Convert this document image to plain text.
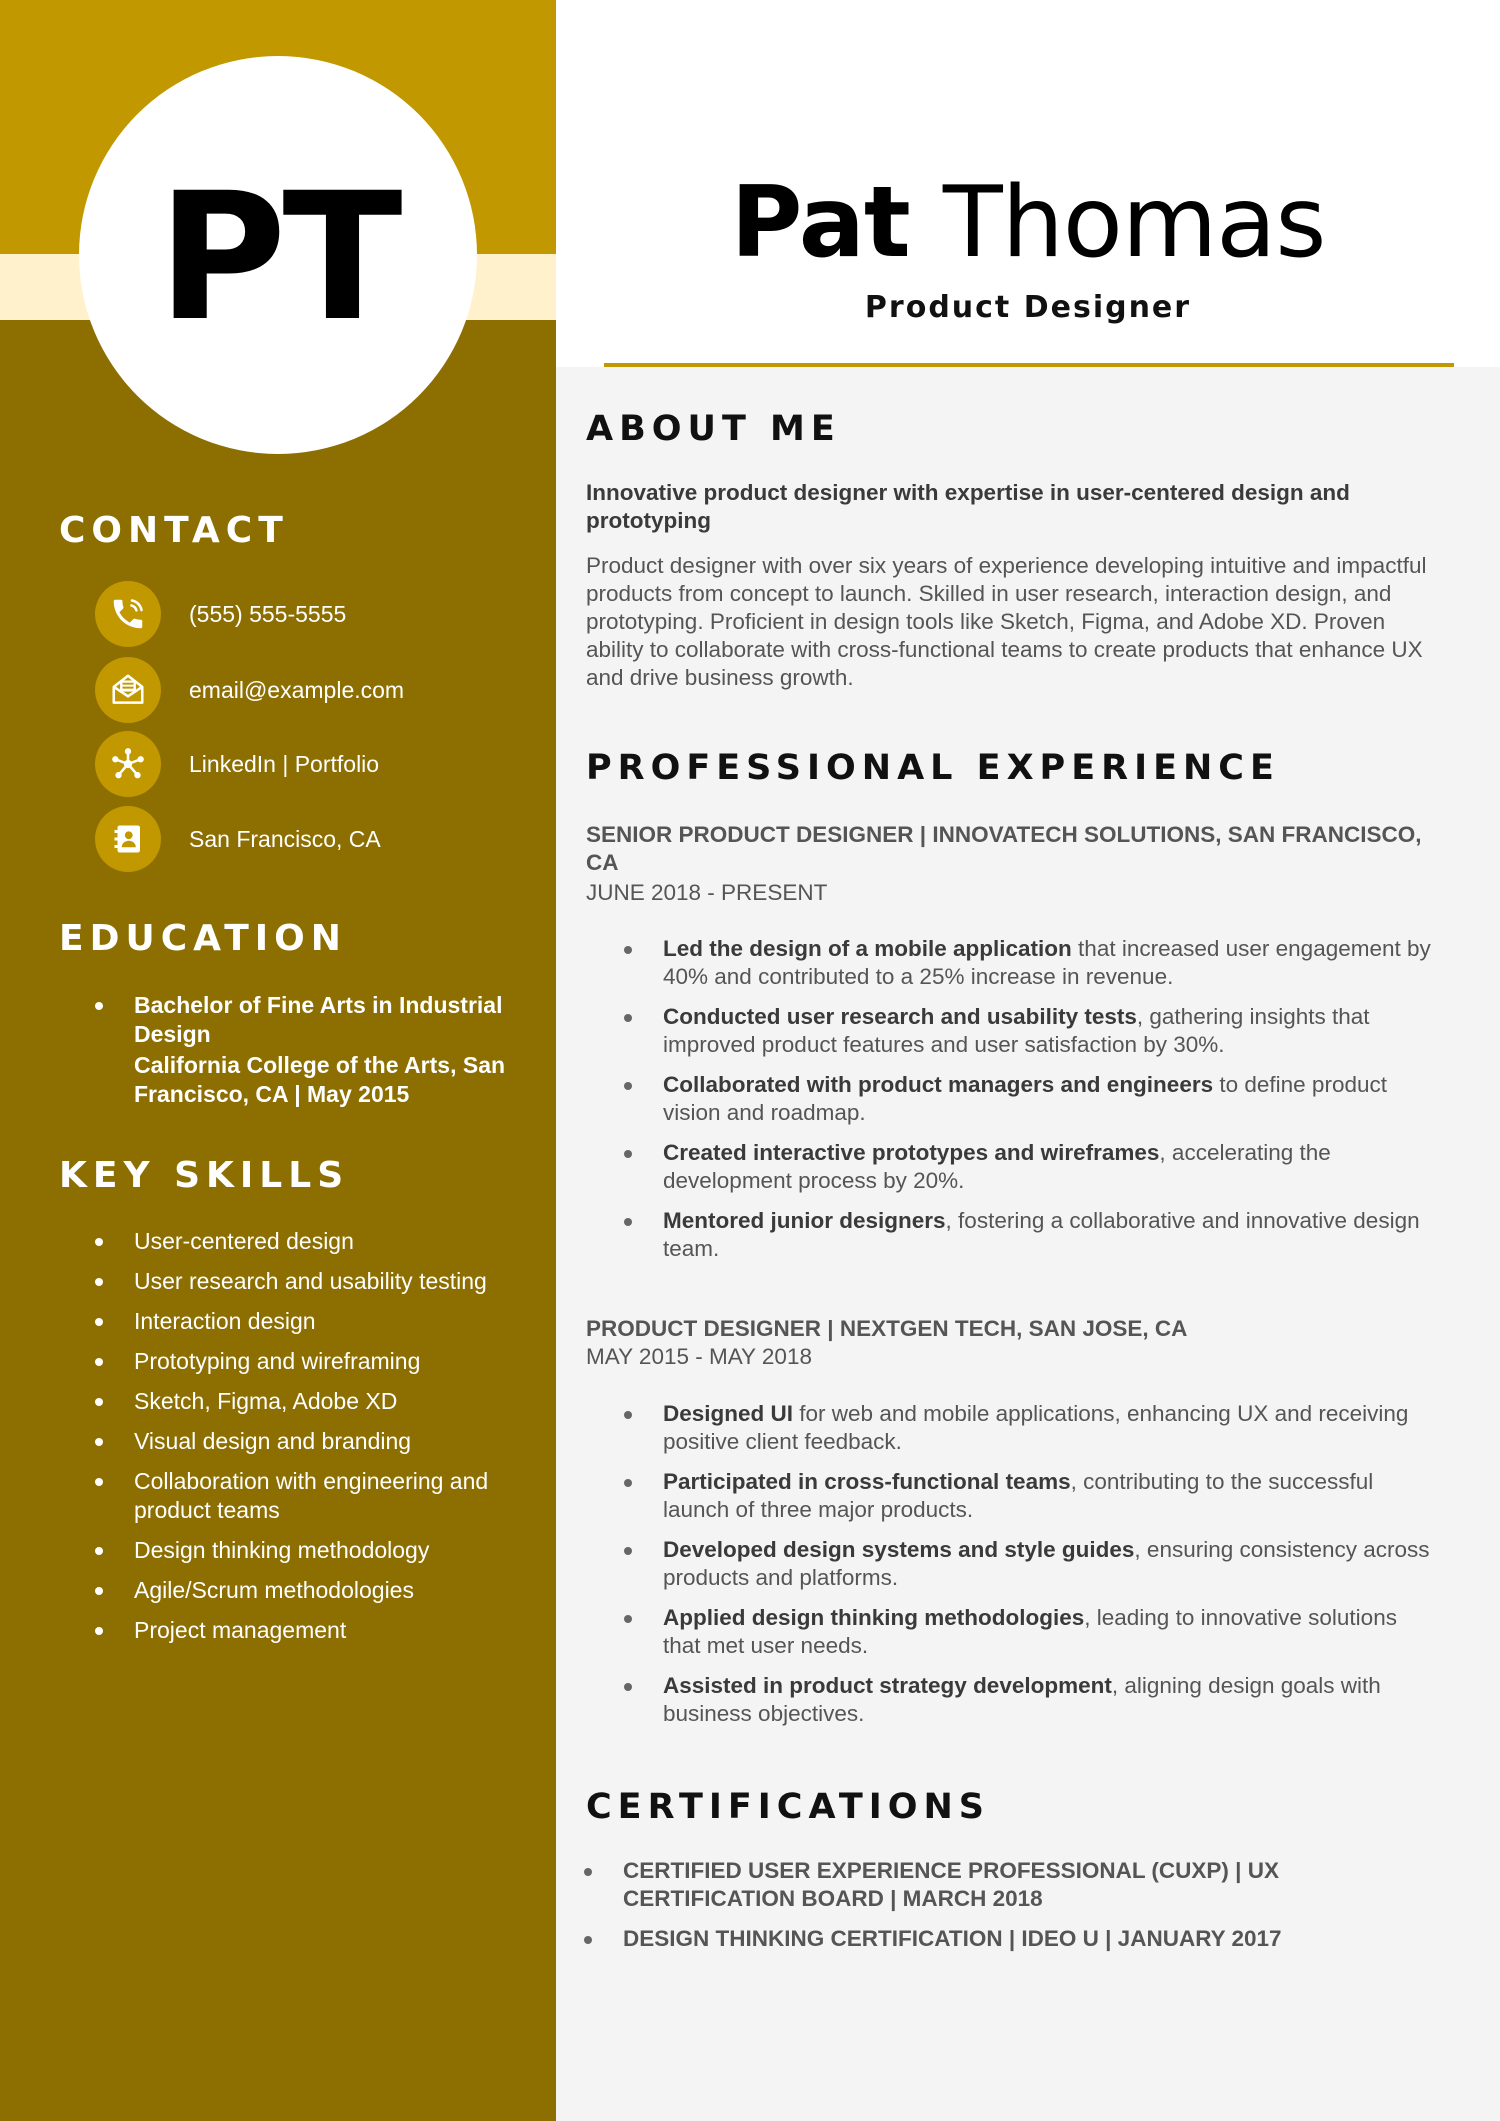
PT
CONTACT
(555) 555-5555
email@example.com
LinkedIn | Portfolio
San Francisco, CA
EDUCATION
Bachelor of Fine Arts in Industrial Design
California College of the Arts, San Francisco, CA | May 2015
KEY SKILLS
User-centered design
User research and usability testing
Interaction design
Prototyping and wireframing
Sketch, Figma, Adobe XD
Visual design and branding
Collaboration with engineering and product teams
Design thinking methodology
Agile/Scrum methodologies
Project management
Pat Thomas

Product Designer

ABOUT ME

Innovative product designer with expertise in user-centered design and prototyping

Product designer with over six years of experience developing intuitive and impactful products from concept to launch. Skilled in user research, interaction design, and prototyping. Proficient in design tools like Sketch, Figma, and Adobe XD. Proven ability to collaborate with cross-functional teams to create products that enhance UX and drive business growth.

PROFESSIONAL EXPERIENCE

SENIOR PRODUCT DESIGNER | INNOVATECH SOLUTIONS, SAN FRANCISCO, CA

JUNE 2018 - PRESENT

Led the design of a mobile application that increased user engagement by 40% and contributed to a 25% increase in revenue.
Conducted user research and usability tests, gathering insights that improved product features and user satisfaction by 30%.
Collaborated with product managers and engineers to define product vision and roadmap.
Created interactive prototypes and wireframes, accelerating the development process by 20%.
Mentored junior designers, fostering a collaborative and innovative design team.

PRODUCT DESIGNER | NEXTGEN TECH, SAN JOSE, CA

MAY 2015 - MAY 2018

Designed UI for web and mobile applications, enhancing UX and receiving positive client feedback.
Participated in cross-functional teams, contributing to the successful launch of three major products.
Developed design systems and style guides, ensuring consistency across products and platforms.
Applied design thinking methodologies, leading to innovative solutions that met user needs.
Assisted in product strategy development, aligning design goals with business objectives.
CERTIFICATIONS
CERTIFIED USER EXPERIENCE PROFESSIONAL (CUXP) | UX CERTIFICATION BOARD | MARCH 2018
DESIGN THINKING CERTIFICATION | IDEO U | JANUARY 2017
